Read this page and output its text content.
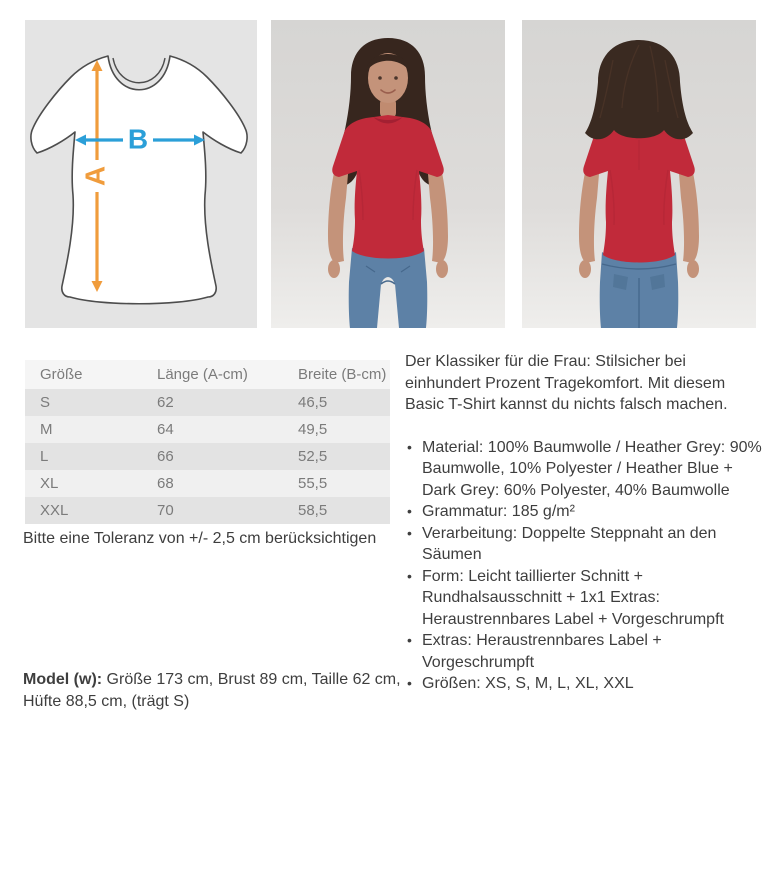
A
B
Größe	Länge (A-cm)	Breite (B-cm)
S	62	46,5
M	64	49,5
L	66	52,5
XL	68	55,5
XXL	70	58,5
Bitte eine Toleranz von +/- 2,5 cm berücksichtigen
Model (w): Größe 173 cm, Brust 89 cm, Taille 62 cm, Hüfte 88,5 cm, (trägt S)

Der Klassiker für die Frau: Stilsicher bei einhundert Prozent Tragekomfort. Mit diesem Basic T-Shirt kannst du nichts falsch machen.

• Material: 100% Baumwolle / Heather Grey: 90% Baumwolle, 10% Polyester / Heather Blue + Dark Grey: 60% Polyester, 40% Baumwolle
• Grammatur: 185 g/m²
• Verarbeitung: Doppelte Steppnaht an den Säumen
• Form: Leicht taillierter Schnitt + Rundhalsausschnitt + 1x1 Extras: Heraustrennbares Label + Vorgeschrumpft
• Extras: Heraustrennbares Label + Vorgeschrumpft
• Größen: XS, S, M, L, XL, XXL
